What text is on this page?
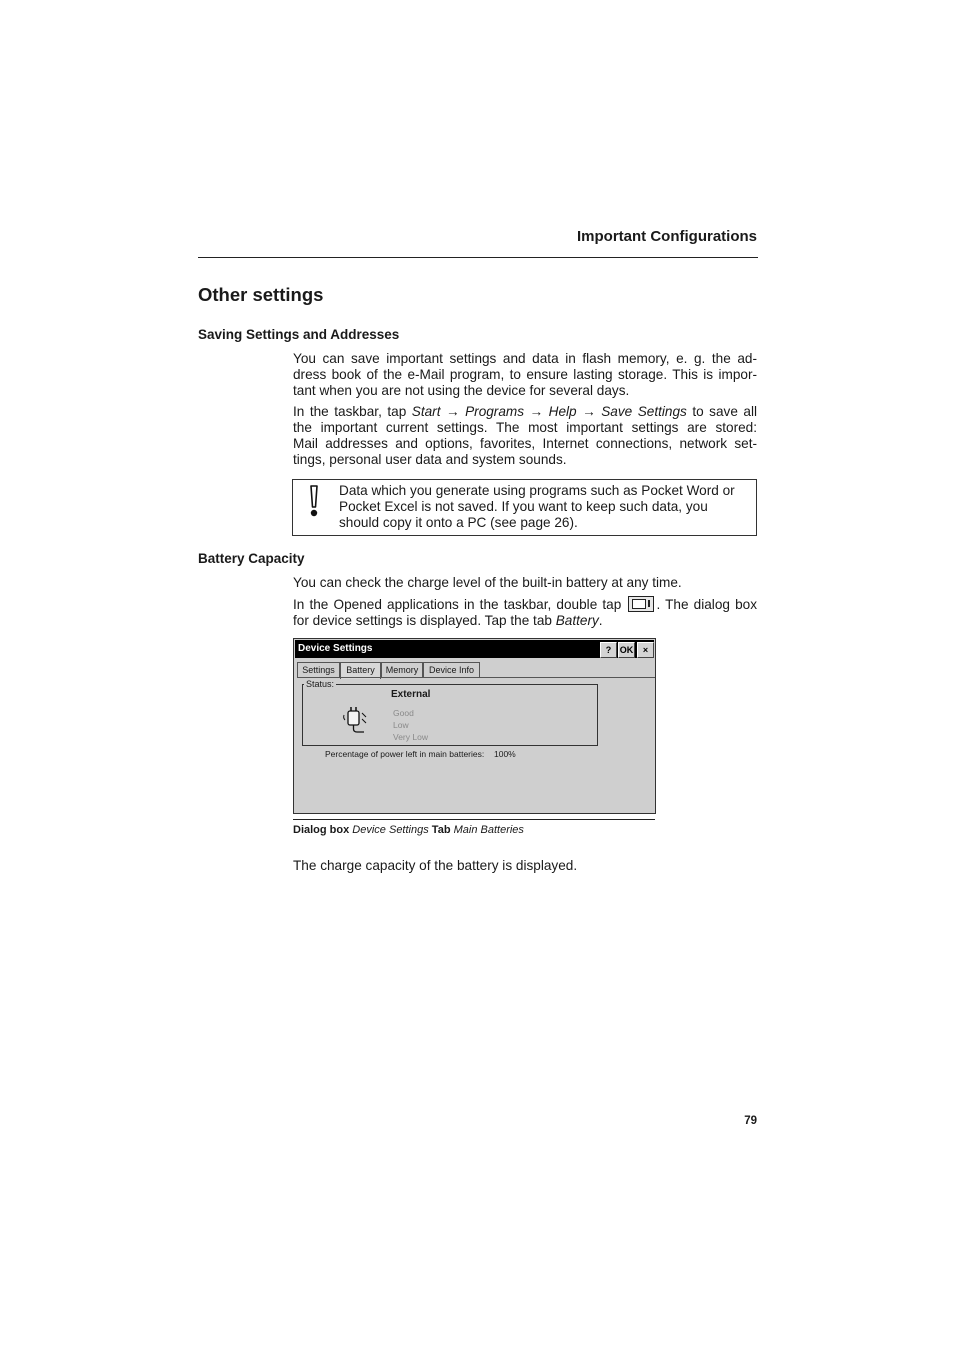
Important Configurations
Other settings
Saving Settings and Addresses
You can save important settings and data in flash memory, e. g. the ad-
dress book of the e-Mail program, to ensure lasting storage. This is impor-
tant when you are not using the device for several days.
In the taskbar, tap Start → Programs → Help → Save Settings to save all
the important current settings. The most important settings are stored:
Mail addresses and options, favorites, Internet connections, network set-
tings, personal user data and system sounds.
Data which you generate using programs such as Pocket Word or
Pocket Excel is not saved. If you want to keep such data, you
should copy it onto a PC (see page 26).
Battery Capacity
You can check the charge level of the built-in battery at any time.
In the Opened applications in the taskbar, double tap . The dialog box
for device settings is displayed. Tap the tab Battery.
Device Settings	? OK	×
Settings	Battery	Memory	Device Info
Status:
External
Good
Low
Very Low
Percentage of power left in main batteries: 100%
Dialog box Device Settings Tab Main Batteries
The charge capacity of the battery is displayed.
79
